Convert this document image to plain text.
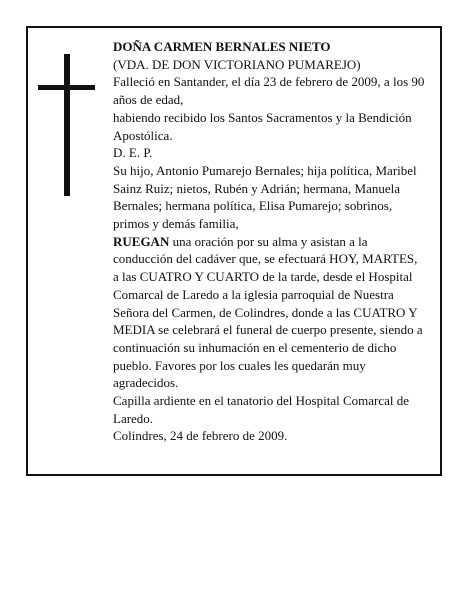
DOÑA CARMEN BERNALES NIETO

(VDA. DE DON VICTORIANO PUMAREJO)

Falleció en Santander, el día 23 de febrero de 2009, a los 90 años de edad,

habiendo recibido los Santos Sacramentos y la Bendición Apostólica.

D. E. P.

Su hijo, Antonio Pumarejo Bernales; hija política, Maribel Sainz Ruiz; nietos, Rubén y Adrián; hermana, Manuela Bernales; hermana política, Elisa Pumarejo; sobrinos, primos y demás familia,

RUEGAN una oración por su alma y asistan a la conducción del cadáver que, se efectuará HOY, MARTES, a las CUATRO Y CUARTO de la tarde, desde el Hospital Comarcal de Laredo a la iglesia parroquial de Nuestra Señora del Carmen, de Colindres, donde a las CUATRO Y MEDIA se celebrará el funeral de cuerpo presente, siendo a continuación su inhumación en el cementerio de dicho pueblo. Favores por los cuales les quedarán muy agradecidos.

Capilla ardiente en el tanatorio del Hospital Comarcal de Laredo.

Colindres, 24 de febrero de 2009.
